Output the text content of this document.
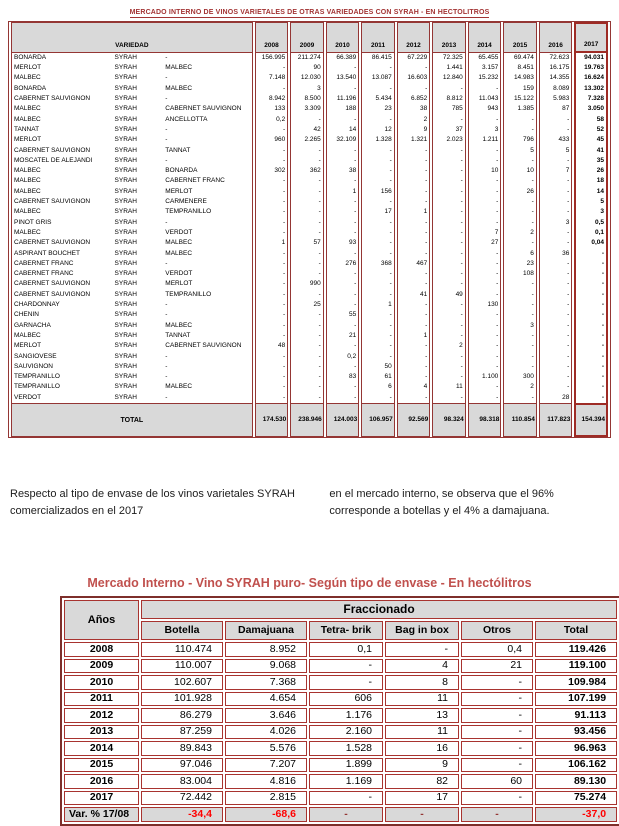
MERCADO INTERNO DE VINOS VARIETALES DE OTRAS VARIEDADES CON SYRAH - EN HECTOLITROS
VARIEDAD			2008	2009	2010	2011	2012	2013	2014	2015	2016	2017
BONARDA	SYRAH	-	156.995	211.274	66.389	86.415	67.229	72.325	65.455	69.474	72.623	94.031
MERLOT	SYRAH	MALBEC	-	90	-	-	-	1.441	3.157	8.451	16.175	19.763
MALBEC	SYRAH	-	7.148	12.030	13.540	13.087	16.603	12.840	15.232	14.983	14.355	16.624
BONARDA	SYRAH	MALBEC	-	3	-	-	-	-	-	159	8.089	13.302
CABERNET SAUVIGNON	SYRAH	-	8.942	8.500	11.196	5.434	6.852	8.812	11.043	15.122	5.983	7.328
MALBEC	SYRAH	CABERNET SAUVIGNON	133	3.309	188	23	38	785	943	1.385	87	3.050
MALBEC	SYRAH	ANCELLOTTA	0,2	-	-	-	2	-	-	-	-	58
TANNAT	SYRAH	-	-	42	14	12	9	37	3	-	-	52
MERLOT	SYRAH	-	960	2.265	32.109	1.328	1.321	2.023	1.211	796	433	45
CABERNET SAUVIGNON	SYRAH	TANNAT	-	-	-	-	-	-	-	5	5	41
MOSCATEL DE ALEJANDI	SYRAH	-	-	-	-	-	-	-	-	-	-	35
MALBEC	SYRAH	BONARDA	302	362	38	-	-	-	10	10	7	26
MALBEC	SYRAH	CABERNET FRANC	-	-	-	-	-	-	-	-	-	18
MALBEC	SYRAH	MERLOT	-	-	1	156	-	-	-	26	-	14
CABERNET SAUVIGNON	SYRAH	CARMENERE	-	-	-	-	-	-	-	-	-	5
MALBEC	SYRAH	TEMPRANILLO	-	-	-	17	1	-	-	-	-	3
PINOT GRIS	SYRAH	-	-	-	-	-	-	-	-	-	3	0,5
MALBEC	SYRAH	VERDOT	-	-	-	-	-	-	7	2	-	0,1
CABERNET SAUVIGNON	SYRAH	MALBEC	1	57	93	-	-	-	27	-	-	0,04
ASPIRANT BOUCHET	SYRAH	MALBEC	-	-	-	-	-	-	-	6	36	-
CABERNET FRANC	SYRAH	-	-	-	276	368	467	-	-	23	-	-
CABERNET FRANC	SYRAH	VERDOT	-	-	-	-	-	-	-	108	-	-
CABERNET SAUVIGNON	SYRAH	MERLOT	-	990	-	-	-	-	-	-	-	-
CABERNET SAUVIGNON	SYRAH	TEMPRANILLO	-	-	-	-	41	49	-	-	-	-
CHARDONNAY	SYRAH	-	-	25	-	1	-	-	130	-	-	-
CHENIN	SYRAH	-	-	-	55	-	-	-	-	-	-	-
GARNACHA	SYRAH	MALBEC	-	-	-	-	-	-	-	3	-	-
MALBEC	SYRAH	TANNAT	-	-	21	-	1	-	-	-	-	-
MERLOT	SYRAH	CABERNET SAUVIGNON	48	-	-	-	-	2	-	-	-	-
SANGIOVESE	SYRAH	-	-	-	0,2	-	-	-	-	-	-	-
SAUVIGNON	SYRAH	-	-	-	-	50	-	-	-	-	-	-
TEMPRANILLO	SYRAH	-	-	-	83	61	-	-	1.100	300	-	-
TEMPRANILLO	SYRAH	MALBEC	-	-	-	6	4	11	-	2	-	-
VERDOT	SYRAH	-	-	-	-	-	-	-	-	-	28	-
TOTAL			174.530	238.946	124.003	106.957	92.569	98.324	98.318	110.854	117.823	154.394
Respecto al tipo de envase de los vinos varietales SYRAH comercializados en el 2017
en el mercado interno, se observa que el 96% corresponde a botellas y el 4% a damajuana.
Mercado Interno - Vino SYRAH puro- Según tipo de envase - En hectólitros
Años	Fraccionado					
	Botella	Damajuana	Tetra- brik	Bag in box	Otros	Total
2008	110.474	8.952	0,1	-	0,4	119.426
2009	110.007	9.068	-	4	21	119.100
2010	102.607	7.368	-	8	-	109.984
2011	101.928	4.654	606	11	-	107.199
2012	86.279	3.646	1.176	13	-	91.113
2013	87.259	4.026	2.160	11	-	93.456
2014	89.843	5.576	1.528	16	-	96.963
2015	97.046	7.207	1.899	9	-	106.162
2016	83.004	4.816	1.169	82	60	89.130
2017	72.442	2.815	-	17	-	75.274
Var. % 17/08	-34,4	-68,6	-	-	-	-37,0
